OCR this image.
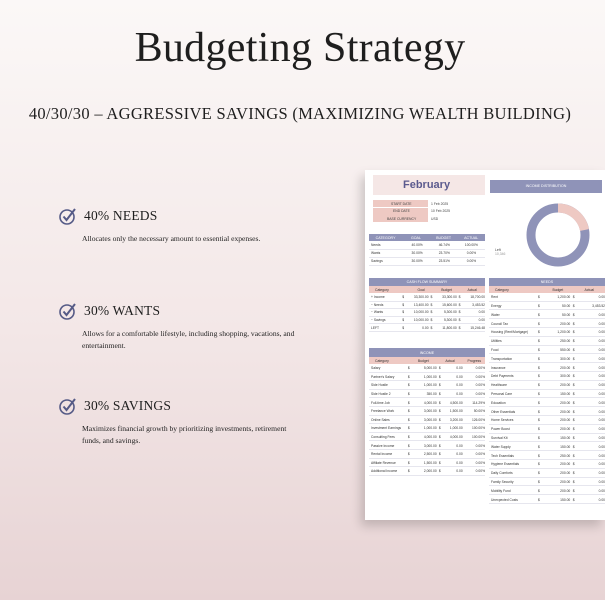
Budgeting Strategy
40/30/30 – AGGRESSIVE SAVINGS (MAXIMIZING WEALTH BUILDING)
40% NEEDS
Allocates only the necessary amount to essential expenses.
30% WANTS
Allows for a comfortable lifestyle, including shopping, vacations, and entertainment.
30% SAVINGS
Maximizes financial growth by prioritizing investments, retirement funds, and savings.
February
START DATE	1 Feb 2025
END DATE	10 Feb 2025
BASE CURRENCY	USD
CATEGORY	GOAL	BUDGET	ACTUAL
Needs	40.00%	46.74%	100.00%
Wants	30.00%	23.70%	0.00%
Savings	30.00%	23.51%	0.00%
INCOME DISTRIBUTION
Left
10,346
CASH FLOW SUMMARY
Category	Goal	Budget	Actual
+ Income	$	33,300.00 $	33,300.00 $	18,700.00
− Needs	$	13,400.00 $	15,600.00 $	3,453.52
− Wants	$	10,000.00 $	5,300.00 $	0.00
− Savings	$	10,000.00 $	5,300.00 $	0.00
LEFT	$	0.00 $	11,800.00 $	15,246.48
INCOME
Category	Budget	Actual	Progress
Salary	$	5,000.00 $	0.00	0.00%
Partner's Salary	$	1,000.00 $	0.00	0.00%
Side Hustle	$	1,000.00 $	0.00	0.00%
Side Hustle 2	$	350.00 $	0.00	0.00%
Full-time Job	$	4,000.00 $	4,500.00	114.29%
Freelance Work	$	3,000.00 $	1,500.00	50.00%
Online Sales	$	3,000.00 $	3,200.00	126.00%
Investment Earnings	$	1,000.00 $	1,000.00	100.00%
Consulting Fees	$	4,000.00 $	4,000.00	100.00%
Passive Income	$	3,000.00 $	0.00	0.00%
Rental Income	$	2,500.00 $	0.00	0.00%
Affiliate Revenue	$	1,500.00 $	0.00	0.00%
Additional Income	$	2,000.00 $	0.00	0.00%
NEEDS
Category	Budget	Actual
Rent	$	1,200.00 $	0.00
Energy	$	50.00 $	3,453.52
Water	$	50.00 $	0.00
Council Tax	$	200.00 $	0.00
Housing (Rent/Mortgage)	$	1,200.00 $	0.00
Utilities	$	250.00 $	0.00
Food	$	550.00 $	0.00
Transportation	$	300.00 $	0.00
Insurance	$	200.00 $	0.00
Debt Payments	$	300.00 $	0.00
Healthcare	$	200.00 $	0.00
Personal Care	$	150.00 $	0.00
Education	$	200.00 $	0.00
Other Essentials	$	200.00 $	0.00
Home Services	$	200.00 $	0.00
Power Boost	$	200.00 $	0.00
Survival Kit	$	150.00 $	0.00
Water Supply	$	150.00 $	0.00
Tech Essentials	$	250.00 $	0.00
Hygiene Essentials	$	200.00 $	0.00
Daily Comforts	$	200.00 $	0.00
Family Security	$	200.00 $	0.00
Mobility Fund	$	200.00 $	0.00
Unexpected Costs	$	150.00 $	0.00
